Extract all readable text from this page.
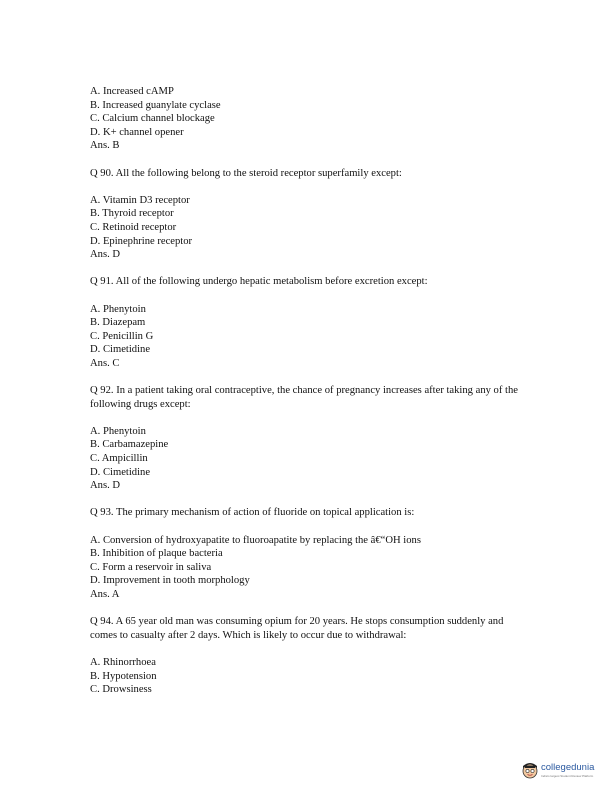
A. Increased cAMP
B. Increased guanylate cyclase
C. Calcium channel blockage
D. K+ channel opener
Ans. B
Q 90. All the following belong to the steroid receptor superfamily except:
A. Vitamin D3 receptor
B. Thyroid receptor
C. Retinoid receptor
D. Epinephrine receptor
Ans. D
Q 91. All of the following undergo hepatic metabolism before excretion except:
A. Phenytoin
B. Diazepam
C. Penicillin G
D. Cimetidine
Ans. C
Q 92. In a patient taking oral contraceptive, the chance of pregnancy increases after taking any of the following drugs except:
A. Phenytoin
B. Carbamazepine
C. Ampicillin
D. Cimetidine
Ans. D
Q 93. The primary mechanism of action of fluoride on topical application is:
A. Conversion of hydroxyapatite to fluoroapatite by replacing the â€“OH ions
B. Inhibition of plaque bacteria
C. Form a reservoir in saliva
D. Improvement in tooth morphology
Ans. A
Q 94. A 65 year old man was consuming opium for 20 years. He stops consumption suddenly and comes to casualty after 2 days. Which is likely to occur due to withdrawal:
A. Rhinorrhoea
B. Hypotension
C. Drowsiness
collegedunia
India's largest Student Review Platform
